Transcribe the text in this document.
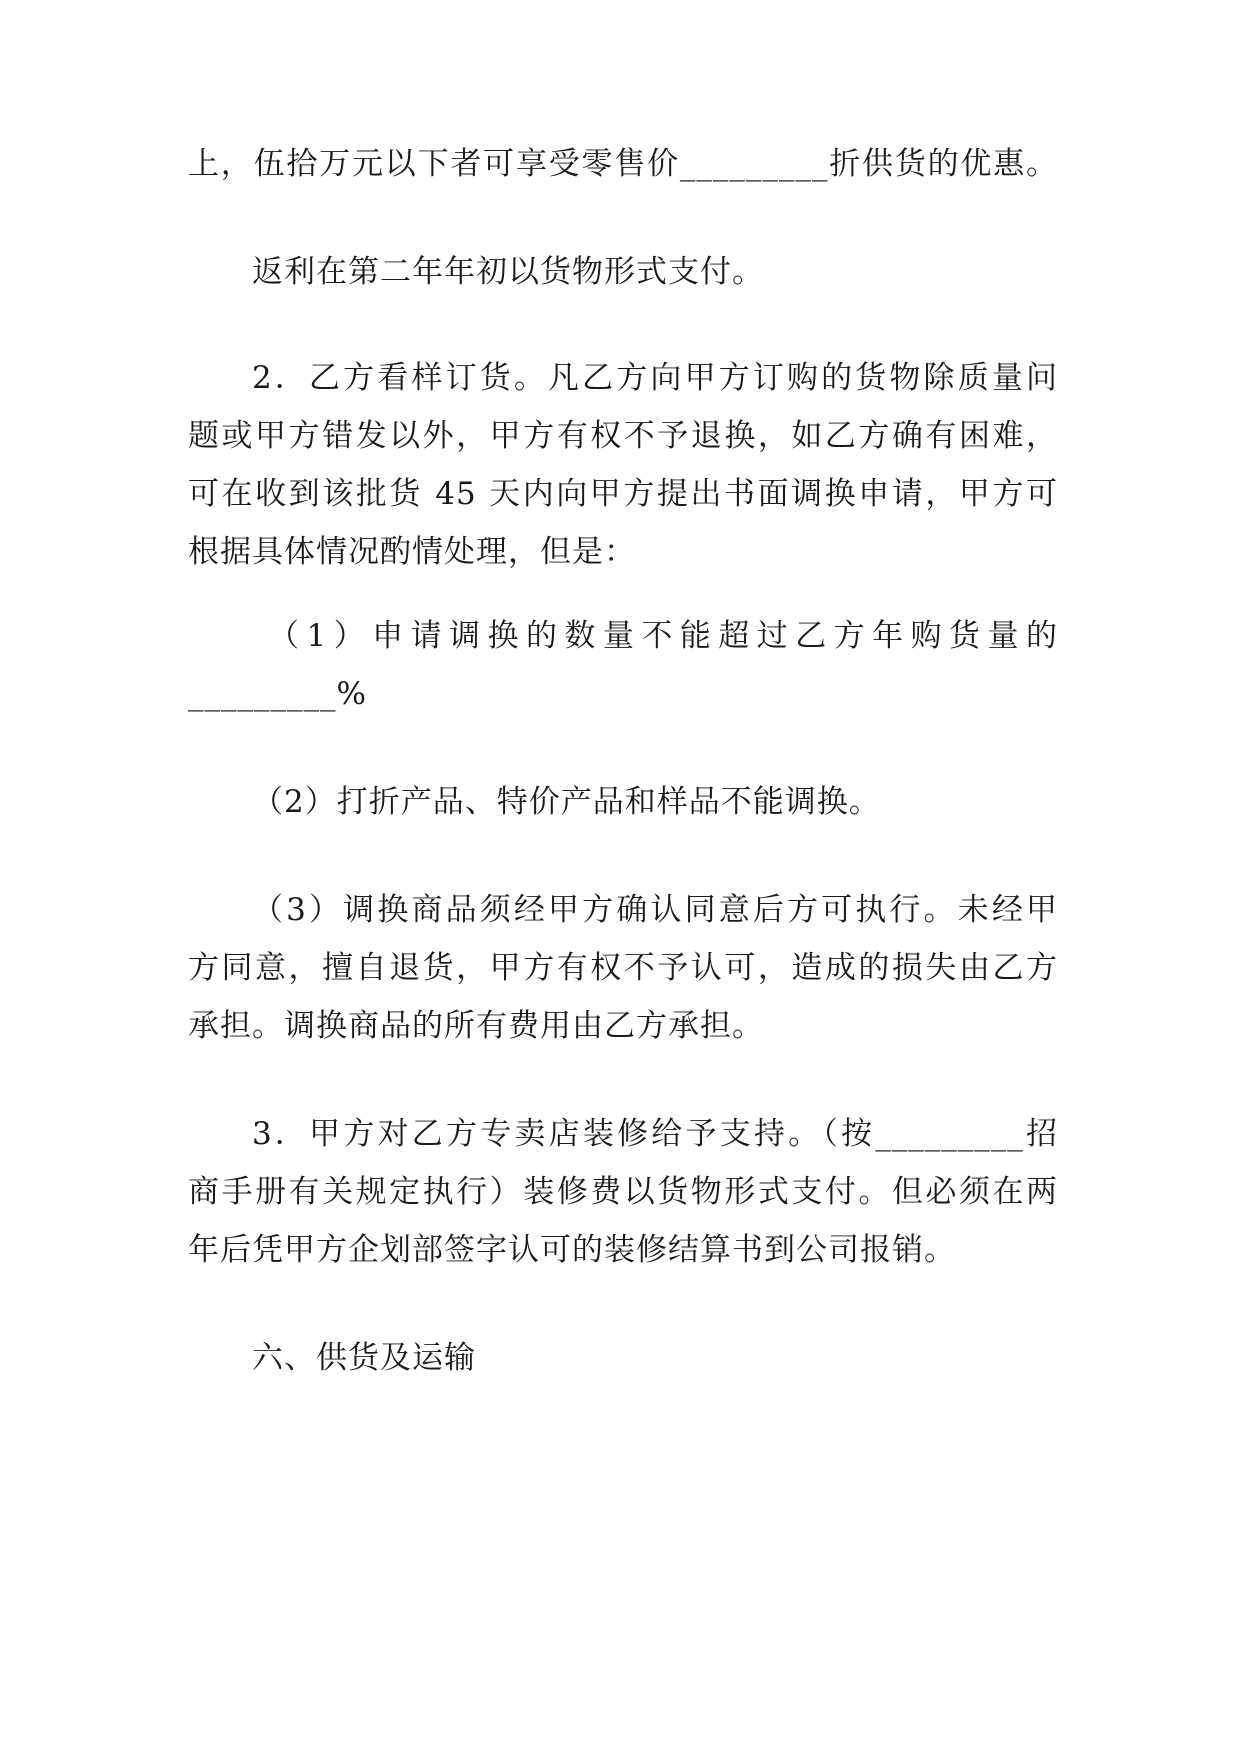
上，伍拾万元以下者可享受零售价_________折供货的优惠。
返利在第二年年初以货物形式支付。
2．乙方看样订货。凡乙方向甲方订购的货物除质量问
题或甲方错发以外，甲方有权不予退换，如乙方确有困难，
可在收到该批货 45 天内向甲方提出书面调换申请，甲方可
根据具体情况酌情处理，但是：
（1）申请调换的数量不能超过乙方年购货量的
_________%
（2）打折产品、特价产品和样品不能调换。
（3）调换商品须经甲方确认同意后方可执行。未经甲
方同意，擅自退货，甲方有权不予认可，造成的损失由乙方
承担。调换商品的所有费用由乙方承担。
3．甲方对乙方专卖店装修给予支持。（按_________招
商手册有关规定执行）装修费以货物形式支付。但必须在两
年后凭甲方企划部签字认可的装修结算书到公司报销。
六、供货及运输
